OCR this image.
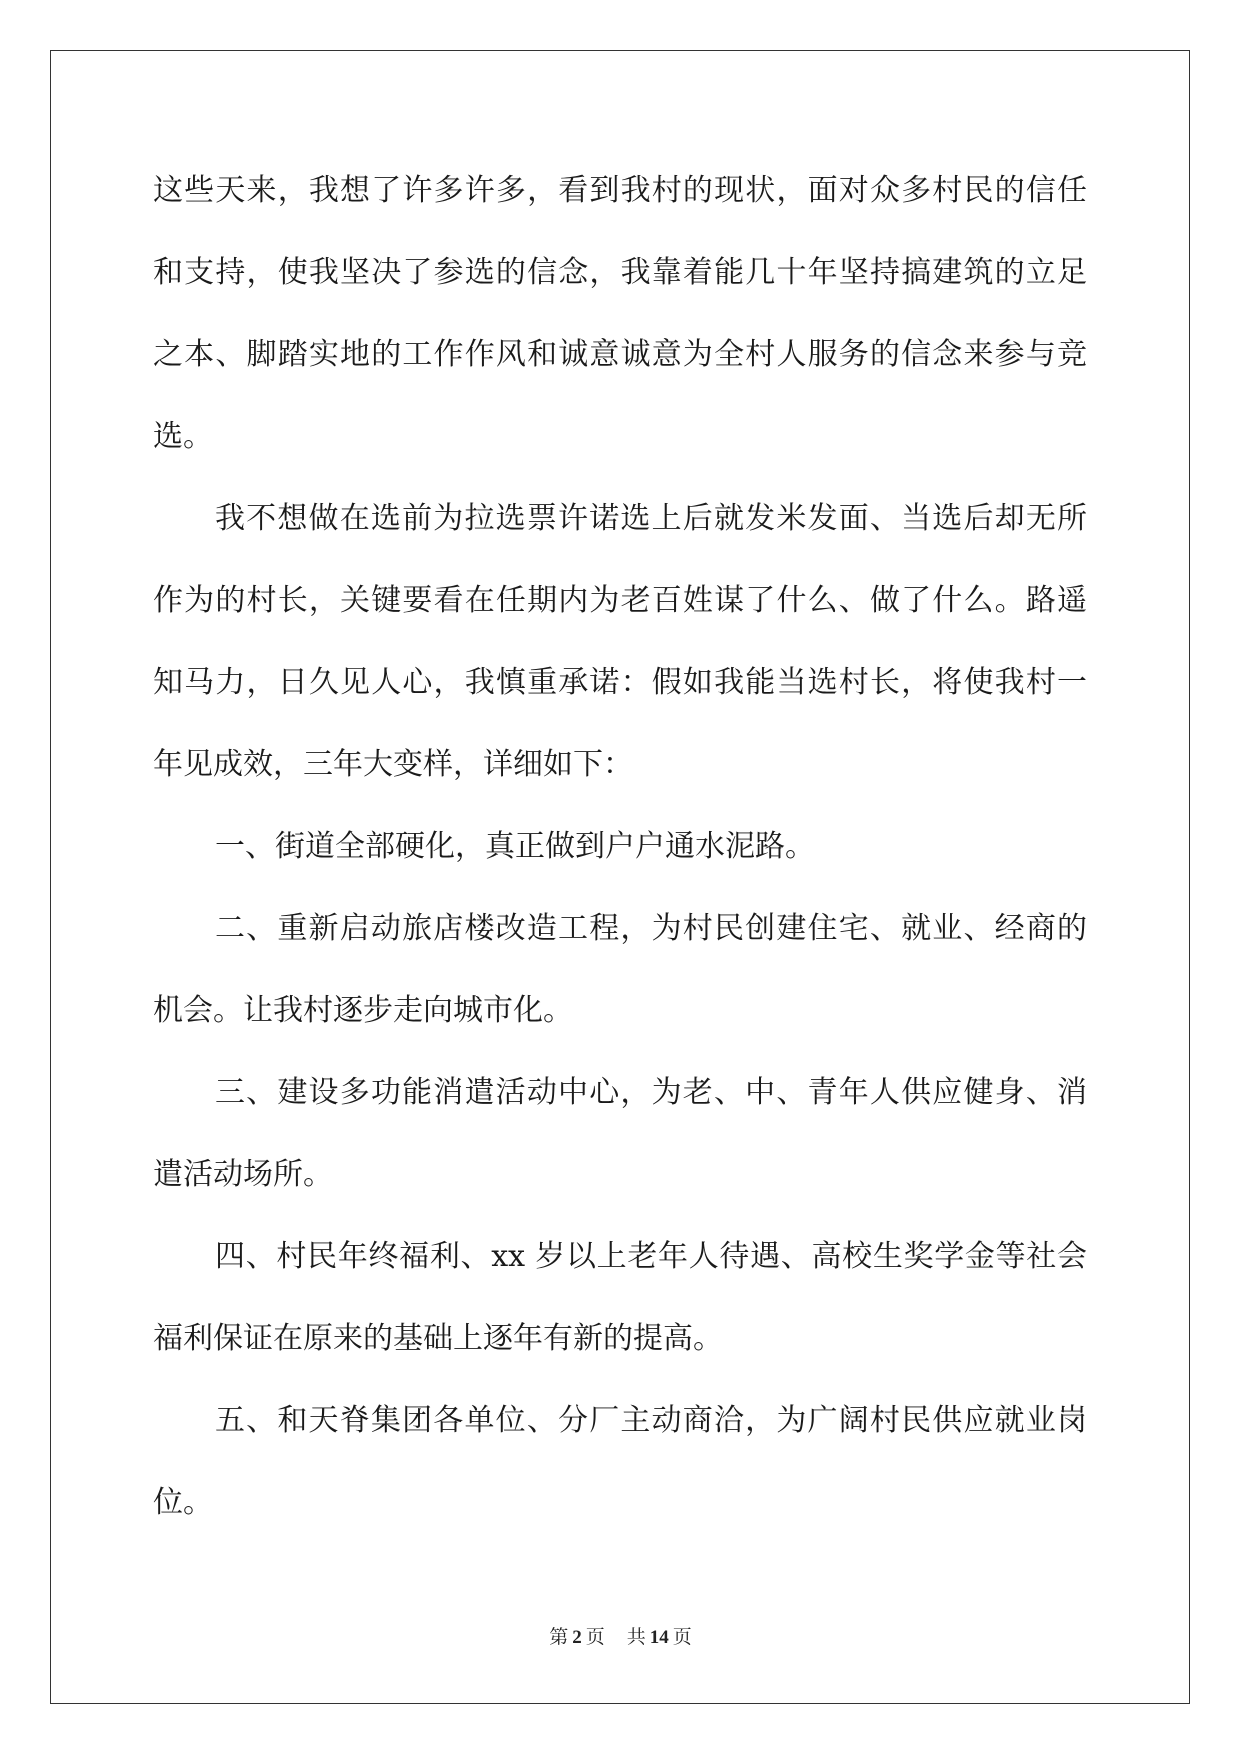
这些天来，我想了许多许多，看到我村的现状，面对众多村民的信任
和支持，使我坚决了参选的信念，我靠着能几十年坚持搞建筑的立足
之本、脚踏实地的工作作风和诚意诚意为全村人服务的信念来参与竞
选。
我不想做在选前为拉选票许诺选上后就发米发面、当选后却无所
作为的村长，关键要看在任期内为老百姓谋了什么、做了什么。路遥
知马力，日久见人心，我慎重承诺：假如我能当选村长，将使我村一
年见成效，三年大变样，详细如下：
一、街道全部硬化，真正做到户户通水泥路。
二、重新启动旅店楼改造工程，为村民创建住宅、就业、经商的
机会。让我村逐步走向城市化。
三、建设多功能消遣活动中心，为老、中、青年人供应健身、消
遣活动场所。
四、村民年终福利、xx 岁以上老年人待遇、高校生奖学金等社会
福利保证在原来的基础上逐年有新的提高。
五、和天脊集团各单位、分厂主动商洽，为广阔村民供应就业岗
位。
第 2 页 共 14 页
